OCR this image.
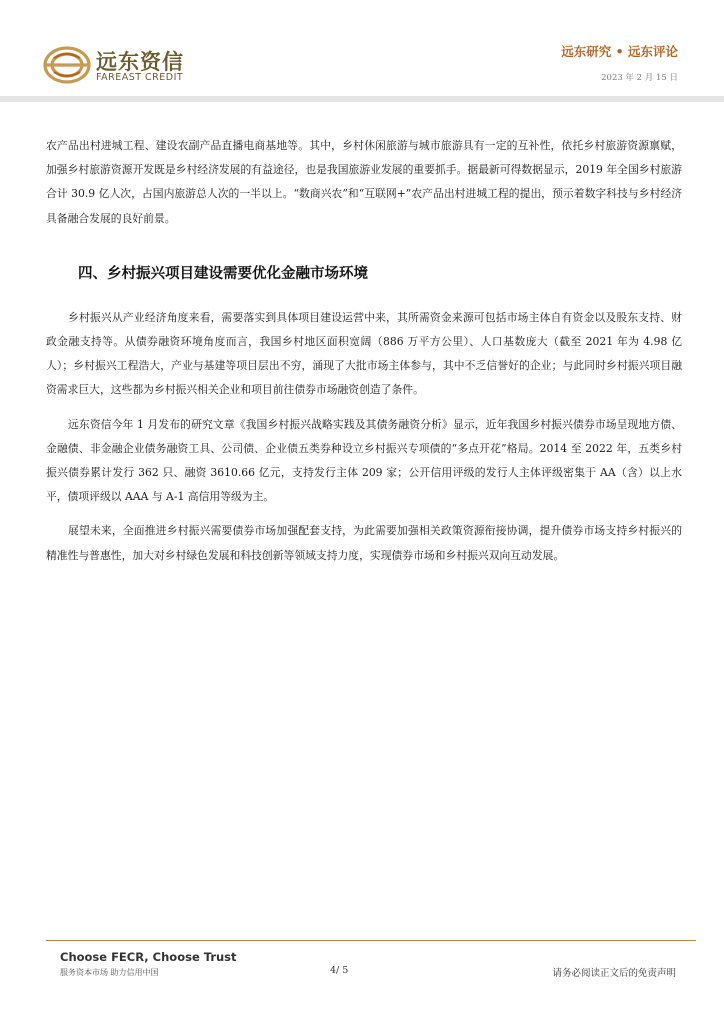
远东资信
FAREAST CREDIT
远东研究 • 远东评论
2023 年 2 月 15 日

农产品出村进城工程、建设农副产品直播电商基地等。其中，乡村休闲旅游与城市旅游具有一定的互补性，依托乡村旅游资源禀赋，加强乡村旅游资源开发既是乡村经济发展的有益途径，也是我国旅游业发展的重要抓手。据最新可得数据显示，2019 年全国乡村旅游合计 30.9 亿人次，占国内旅游总人次的一半以上。“数商兴农”和“互联网+”农产品出村进城工程的提出，预示着数字科技与乡村经济具备融合发展的良好前景。

四、乡村振兴项目建设需要优化金融市场环境

乡村振兴从产业经济角度来看，需要落实到具体项目建设运营中来，其所需资金来源可包括市场主体自有资金以及股东支持、财政金融支持等。从债券融资环境角度而言，我国乡村地区面积宽阔（886 万平方公里）、人口基数庞大（截至 2021 年为 4.98 亿人）；乡村振兴工程浩大，产业与基建等项目层出不穷，涌现了大批市场主体参与，其中不乏信誉好的企业；与此同时乡村振兴项目融资需求巨大，这些都为乡村振兴相关企业和项目前往债券市场融资创造了条件。

远东资信今年 1 月发布的研究文章《我国乡村振兴战略实践及其债务融资分析》显示，近年我国乡村振兴债券市场呈现地方债、金融债、非金融企业债务融资工具、公司债、企业债五类券种设立乡村振兴专项债的“多点开花”格局。2014 至 2022 年，五类乡村振兴债券累计发行 362 只、融资 3610.66 亿元，支持发行主体 209 家；公开信用评级的发行人主体评级密集于 AA（含）以上水平，债项评级以 AAA 与 A-1 高信用等级为主。

展望未来，全面推进乡村振兴需要债券市场加强配套支持，为此需要加强相关政策资源衔接协调，提升债券市场支持乡村振兴的精准性与普惠性，加大对乡村绿色发展和科技创新等领域支持力度，实现债券市场和乡村振兴双向互动发展。

Choose FECR, Choose Trust
服务资本市场 助力信用中国	4/ 5	请务必阅读正文后的免责声明
